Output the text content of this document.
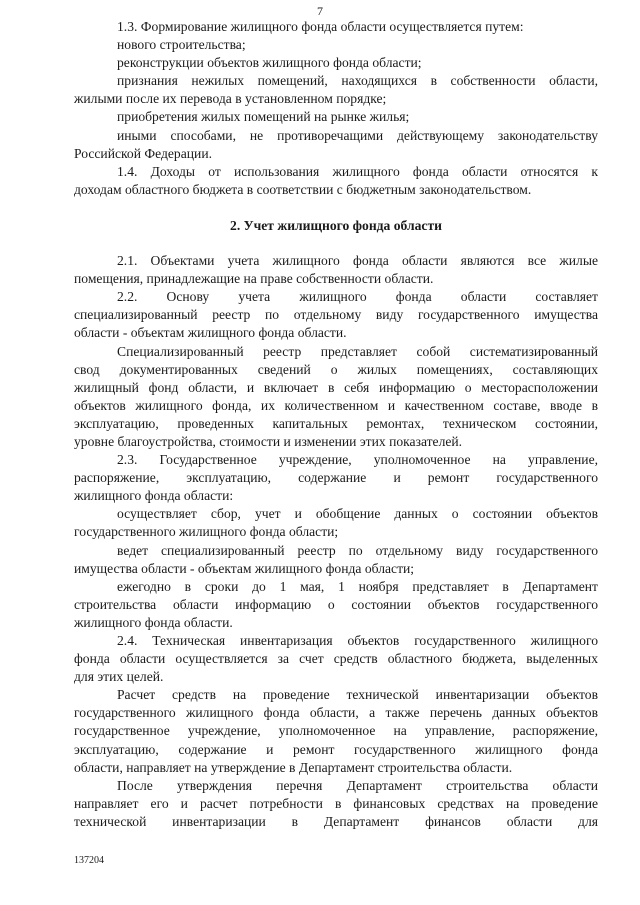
7
1.3. Формирование жилищного фонда области осуществляется путем:
нового строительства;
реконструкции объектов жилищного фонда области;
признания нежилых помещений, находящихся в собственности области,
жилыми после их перевода в установленном порядке;
приобретения жилых помещений на рынке жилья;
иными способами, не противоречащими действующему законодательству
Российской Федерации.
1.4. Доходы от использования жилищного фонда области относятся к
доходам областного бюджета в соответствии с бюджетным законодательством.
2. Учет жилищного фонда области
2.1. Объектами учета жилищного фонда области являются все жилые
помещения, принадлежащие на праве собственности области.
2.2. Основу учета жилищного фонда области составляет
специализированный реестр по отдельному виду государственного имущества
области - объектам жилищного фонда области.
Специализированный реестр представляет собой систематизированный
свод документированных сведений о жилых помещениях, составляющих
жилищный фонд области, и включает в себя информацию о месторасположении
объектов жилищного фонда, их количественном и качественном составе, вводе в
эксплуатацию, проведенных капитальных ремонтах, техническом состоянии,
уровне благоустройства, стоимости и изменении этих показателей.
2.3. Государственное учреждение, уполномоченное на управление,
распоряжение, эксплуатацию, содержание и ремонт государственного
жилищного фонда области:
осуществляет сбор, учет и обобщение данных о состоянии объектов
государственного жилищного фонда области;
ведет специализированный реестр по отдельному виду государственного
имущества области - объектам жилищного фонда области;
ежегодно в сроки до 1 мая, 1 ноября представляет в Департамент
строительства области информацию о состоянии объектов государственного
жилищного фонда области.
2.4. Техническая инвентаризация объектов государственного жилищного
фонда области осуществляется за счет средств областного бюджета, выделенных
для этих целей.
Расчет средств на проведение технической инвентаризации объектов
государственного жилищного фонда области, а также перечень данных объектов
государственное учреждение, уполномоченное на управление, распоряжение,
эксплуатацию, содержание и ремонт государственного жилищного фонда
области, направляет на утверждение в Департамент строительства области.
После утверждения перечня Департамент строительства области
направляет его и расчет потребности в финансовых средствах на проведение
технической инвентаризации в Департамент финансов области для
137204
